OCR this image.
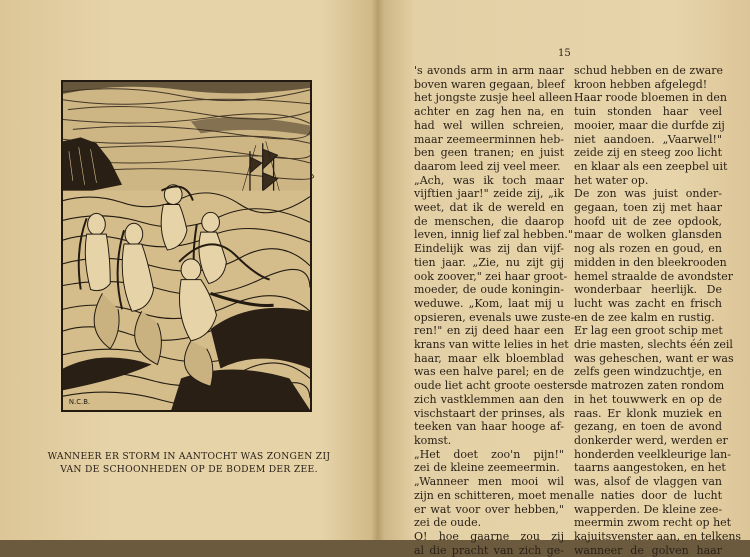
N.C.B.
WANNEER ER STORM IN AANTOCHT WAS ZONGEN ZIJ
VAN DE SCHOONHEDEN OP DE BODEM DER ZEE.
15
's avonds arm in arm naar
boven waren gegaan, bleef
het jongste zusje heel alleen
achter en zag hen na, en
had wel willen schreien,
maar zeemeerminnen heb-
ben geen tranen; en juist
daarom leed zij veel meer.
„Ach, was ik toch maar
vijftien jaar!" zeide zij, „ik
weet, dat ik de wereld en
de menschen, die daarop
leven, innig lief zal hebben."
Eindelijk was zij dan vijf-
tien jaar. „Zie, nu zijt gij
ook zoover," zei haar groot-
moeder, de oude koningin-
weduwe. „Kom, laat mij u
opsieren, evenals uwe zuste-
ren!" en zij deed haar een
krans van witte lelies in het
haar, maar elk bloemblad
was een halve parel; en de
oude liet acht groote oesters
zich vastklemmen aan den
vischstaart der prinses, als
teeken van haar hooge af-
komst.
„Het doet zoo'n pijn!"
zei de kleine zeemeermin.
„Wanneer men mooi wil
zijn en schitteren, moet men
er wat voor over hebben,"
zei de oude.
O! hoe gaarne zou zij
al die pracht van zich ge-
schud hebben en de zware
kroon hebben afgelegd!
Haar roode bloemen in den
tuin stonden haar veel
mooier, maar die durfde zij
niet aandoen. „Vaarwel!"
zeide zij en steeg zoo licht
en klaar als een zeepbel uit
het water op.
De zon was juist onder-
gegaan, toen zij met haar
hoofd uit de zee opdook,
maar de wolken glansden
nog als rozen en goud, en
midden in den bleekrooden
hemel straalde de avondster
wonderbaar heerlijk. De
lucht was zacht en frisch
en de zee kalm en rustig.
Er lag een groot schip met
drie masten, slechts één zeil
was geheschen, want er was
zelfs geen windzuchtje, en
de matrozen zaten rondom
in het touwwerk en op de
raas. Er klonk muziek en
gezang, en toen de avond
donkerder werd, werden er
honderden veelkleurige lan-
taarns aangestoken, en het
was, alsof de vlaggen van
alle naties door de lucht
wapperden. De kleine zee-
meermin zwom recht op het
kajuitsvenster aan, en telkens
wanneer de golven haar
